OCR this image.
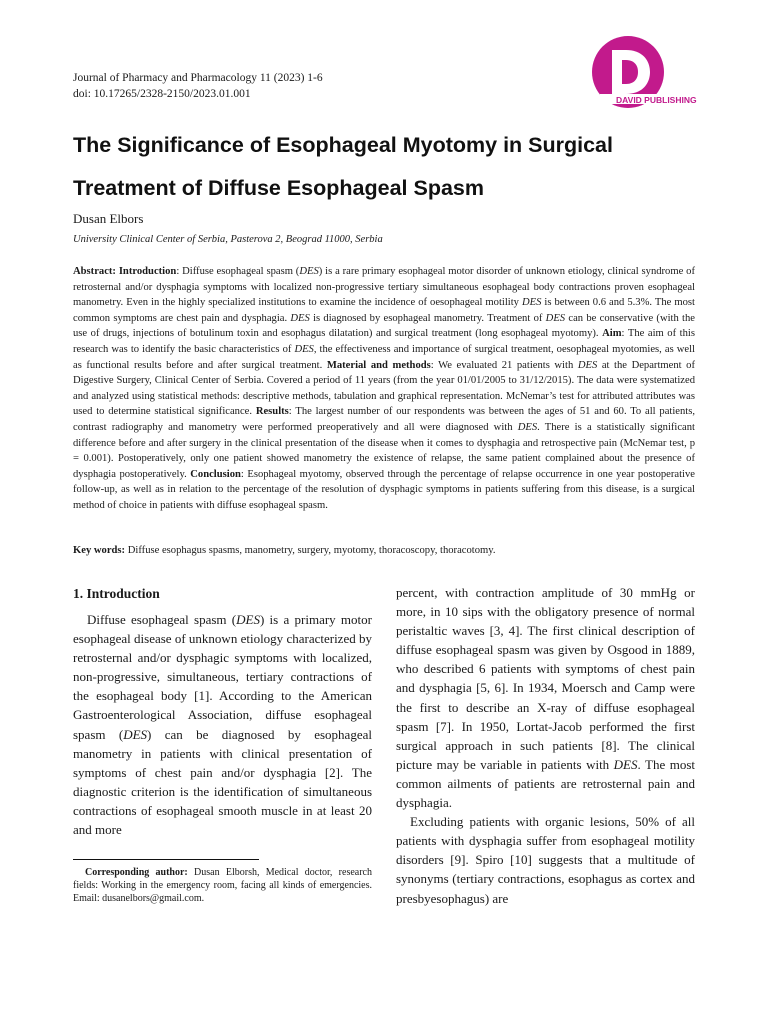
Journal of Pharmacy and Pharmacology 11 (2023) 1-6
doi: 10.17265/2328-2150/2023.01.001	DAVID PUBLISHING
The Significance of Esophageal Myotomy in Surgical Treatment of Diffuse Esophageal Spasm
Dusan Elbors
University Clinical Center of Serbia, Pasterova 2, Beograd 11000, Serbia

Abstract: Introduction: Diffuse esophageal spasm (DES) is a rare primary esophageal motor disorder of unknown etiology, clinical syndrome of retrosternal and/or dysphagia symptoms with localized non-progressive tertiary simultaneous esophageal body contractions proven esophageal manometry. Even in the highly specialized institutions to examine the incidence of oesophageal motility DES is between 0.6 and 5.3%. The most common symptoms are chest pain and dysphagia. DES is diagnosed by esophageal manometry. Treatment of DES can be conservative (with the use of drugs, injections of botulinum toxin and esophagus dilatation) and surgical treatment (long esophageal myotomy). Aim: The aim of this research was to identify the basic characteristics of DES, the effectiveness and importance of surgical treatment, oesophageal myotomies, as well as functional results before and after surgical treatment. Material and methods: We evaluated 21 patients with DES at the Department of Digestive Surgery, Clinical Center of Serbia. Covered a period of 11 years (from the year 01/01/2005 to 31/12/2015). The data were systematized and analyzed using statistical methods: descriptive methods, tabulation and graphical representation. McNemar’s test for attributed attributes was used to determine statistical significance. Results: The largest number of our respondents was between the ages of 51 and 60. To all patients, contrast radiography and manometry were performed preoperatively and all were diagnosed with DES. There is a statistically significant difference before and after surgery in the clinical presentation of the disease when it comes to dysphagia and retrospective pain (McNemar test, p = 0.001). Postoperatively, only one patient showed manometry the existence of relapse, the same patient complained about the presence of dysphagia postoperatively. Conclusion: Esophageal myotomy, observed through the percentage of relapse occurrence in one year postoperative follow-up, as well as in relation to the percentage of the resolution of dysphagic symptoms in patients suffering from this disease, is a surgical method of choice in patients with diffuse esophageal spasm.

Key words: Diffuse esophagus spasms, manometry, surgery, myotomy, thoracoscopy, thoracotomy.

1. Introduction

Diffuse esophageal spasm (DES) is a primary motor esophageal disease of unknown etiology characterized by retrosternal and/or dysphagic symptoms with localized, non-progressive, simultaneous, tertiary contractions of the esophageal body [1]. According to the American Gastroenterological Association, diffuse esophageal spasm (DES) can be diagnosed by esophageal manometry in patients with clinical presentation of symptoms of chest pain and/or dysphagia [2]. The diagnostic criterion is the identification of simultaneous contractions of esophageal smooth muscle in at least 20 and more

Corresponding author: Dusan Elborsh, Medical doctor, research fields: Working in the emergency room, facing all kinds of emergencies. Email: dusanelbors@gmail.com.

percent, with contraction amplitude of 30 mmHg or more, in 10 sips with the obligatory presence of normal peristaltic waves [3, 4]. The first clinical description of diffuse esophageal spasm was given by Osgood in 1889, who described 6 patients with symptoms of chest pain and dysphagia [5, 6]. In 1934, Moersch and Camp were the first to describe an X-ray of diffuse esophageal spasm [7]. In 1950, Lortat-Jacob performed the first surgical approach in such patients [8]. The clinical picture may be variable in patients with DES. The most common ailments of patients are retrosternal pain and dysphagia.

Excluding patients with organic lesions, 50% of all patients with dysphagia suffer from esophageal motility disorders [9]. Spiro [10] suggests that a multitude of synonyms (tertiary contractions, esophagus as cortex and presbyesophagus) are
